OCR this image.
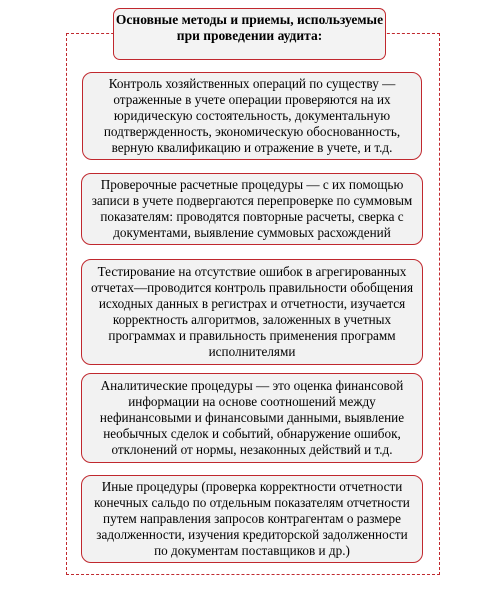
Основные методы и приемы, используемые при проведении аудита:
Контроль хозяйственных операций по существу — отраженные в учете операции проверяются на их юридическую состоятельность, документальную подтвержденность, экономическую обоснованность, верную квалификацию и отражение в учете, и т.д.
Проверочные расчетные процедуры — с их помощью записи в учете подвергаются перепроверке по суммовым показателям: проводятся повторные расчеты, сверка с документами, выявление суммовых расхождений
Тестирование на отсутствие ошибок в агрегированных отчетах—проводится контроль правильности обобщения исходных данных в регистрах и отчетности, изучается корректность алгоритмов, заложенных в учетных программах и правильность применения программ исполнителями
Аналитические процедуры — это оценка финансовой информации на основе соотношений между нефинансовыми и финансовыми данными, выявление необычных сделок и событий, обнаружение ошибок, отклонений от нормы, незаконных действий и т.д.
Иные процедуры (проверка корректности отчетности конечных сальдо по отдельным показателям отчетности путем направления запросов контрагентам о размере задолженности, изучения кредиторской задолженности по документам поставщиков и др.)
